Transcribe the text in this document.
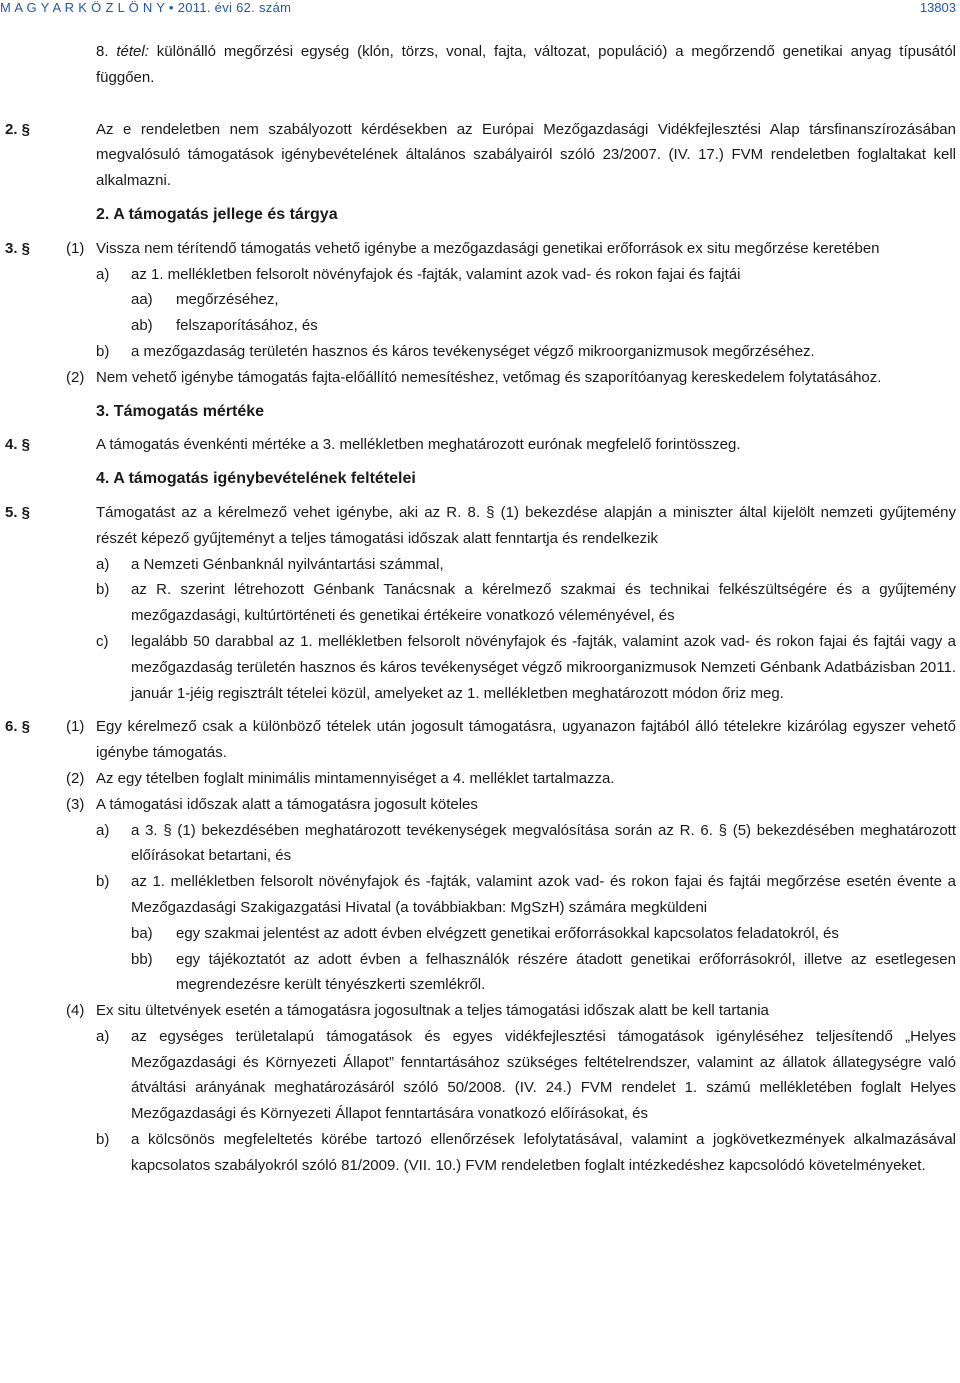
M A G Y A R K Ö Z L Ö N Y • 2011. évi 62. szám	13803
8. tétel: különálló megőrzési egység (klón, törzs, vonal, fajta, változat, populáció) a megőrzendő genetikai anyag típusától függően.
2. §	Az e rendeletben nem szabályozott kérdésekben az Európai Mezőgazdasági Vidékfejlesztési Alap társfinanszírozásában megvalósuló támogatások igénybevételének általános szabályairól szóló 23/2007. (IV. 17.) FVM rendeletben foglaltakat kell alkalmazni.
2. A támogatás jellege és tárgya
3. § (1) Vissza nem térítendő támogatás vehető igénybe a mezőgazdasági genetikai erőforrások ex situ megőrzése keretében
a) az 1. mellékletben felsorolt növényfajok és -fajták, valamint azok vad- és rokon fajai és fajtái
aa) megőrzéséhez,
ab) felszaporításához, és
b) a mezőgazdaság területén hasznos és káros tevékenységet végző mikroorganizmusok megőrzéséhez.
(2) Nem vehető igénybe támogatás fajta-előállító nemesítéshez, vetőmag és szaporítóanyag kereskedelem folytatásához.
3. Támogatás mértéke
4. §	A támogatás évenkénti mértéke a 3. mellékletben meghatározott eurónak megfelelő forintösszeg.
4. A támogatás igénybevételének feltételei
5. §	Támogatást az a kérelmező vehet igénybe, aki az R. 8. § (1) bekezdése alapján a miniszter által kijelölt nemzeti gyűjtemény részét képező gyűjteményt a teljes támogatási időszak alatt fenntartja és rendelkezik
a) a Nemzeti Génbanknál nyilvántartási számmal,
b) az R. szerint létrehozott Génbank Tanácsnak a kérelmező szakmai és technikai felkészültségére és a gyűjtemény mezőgazdasági, kultúrtörténeti és genetikai értékeire vonatkozó véleményével, és
c) legalább 50 darabbal az 1. mellékletben felsorolt növényfajok és -fajták, valamint azok vad- és rokon fajai és fajtái vagy a mezőgazdaság területén hasznos és káros tevékenységet végző mikroorganizmusok Nemzeti Génbank Adatbázisban 2011. január 1-jéig regisztrált tételei közül, amelyeket az 1. mellékletben meghatározott módon őriz meg.
6. § (1) Egy kérelmező csak a különböző tételek után jogosult támogatásra, ugyanazon fajtából álló tételekre kizárólag egyszer vehető igénybe támogatás.
(2) Az egy tételben foglalt minimális mintamennyiséget a 4. melléklet tartalmazza.
(3) A támogatási időszak alatt a támogatásra jogosult köteles
a) a 3. § (1) bekezdésében meghatározott tevékenységek megvalósítása során az R. 6. § (5) bekezdésében meghatározott előírásokat betartani, és
b) az 1. mellékletben felsorolt növényfajok és -fajták, valamint azok vad- és rokon fajai és fajtái megőrzése esetén évente a Mezőgazdasági Szakigazgatási Hivatal (a továbbiakban: MgSzH) számára megküldeni
ba) egy szakmai jelentést az adott évben elvégzett genetikai erőforrásokkal kapcsolatos feladatokról, és
bb) egy tájékoztatót az adott évben a felhasználók részére átadott genetikai erőforrásokról, illetve az esetlegesen megrendezésre került tényészkerti szemlékről.
(4) Ex situ ültetvények esetén a támogatásra jogosultnak a teljes támogatási időszak alatt be kell tartania
a) az egységes területalapú támogatások és egyes vidékfejlesztési támogatások igényléséhez teljesítendő „Helyes Mezőgazdasági és Környezeti Állapot” fenntartásához szükséges feltételrendszer, valamint az állatok állategységre való átváltási arányának meghatározásáról szóló 50/2008. (IV. 24.) FVM rendelet 1. számú mellékletében foglalt Helyes Mezőgazdasági és Környezeti Állapot fenntartására vonatkozó előírásokat, és
b) a kölcsönös megfeleltetés körébe tartozó ellenőrzések lefolytatásával, valamint a jogkövetkezmények alkalmazásával kapcsolatos szabályokról szóló 81/2009. (VII. 10.) FVM rendeletben foglalt intézkedéshez kapcsolódó követelményeket.
